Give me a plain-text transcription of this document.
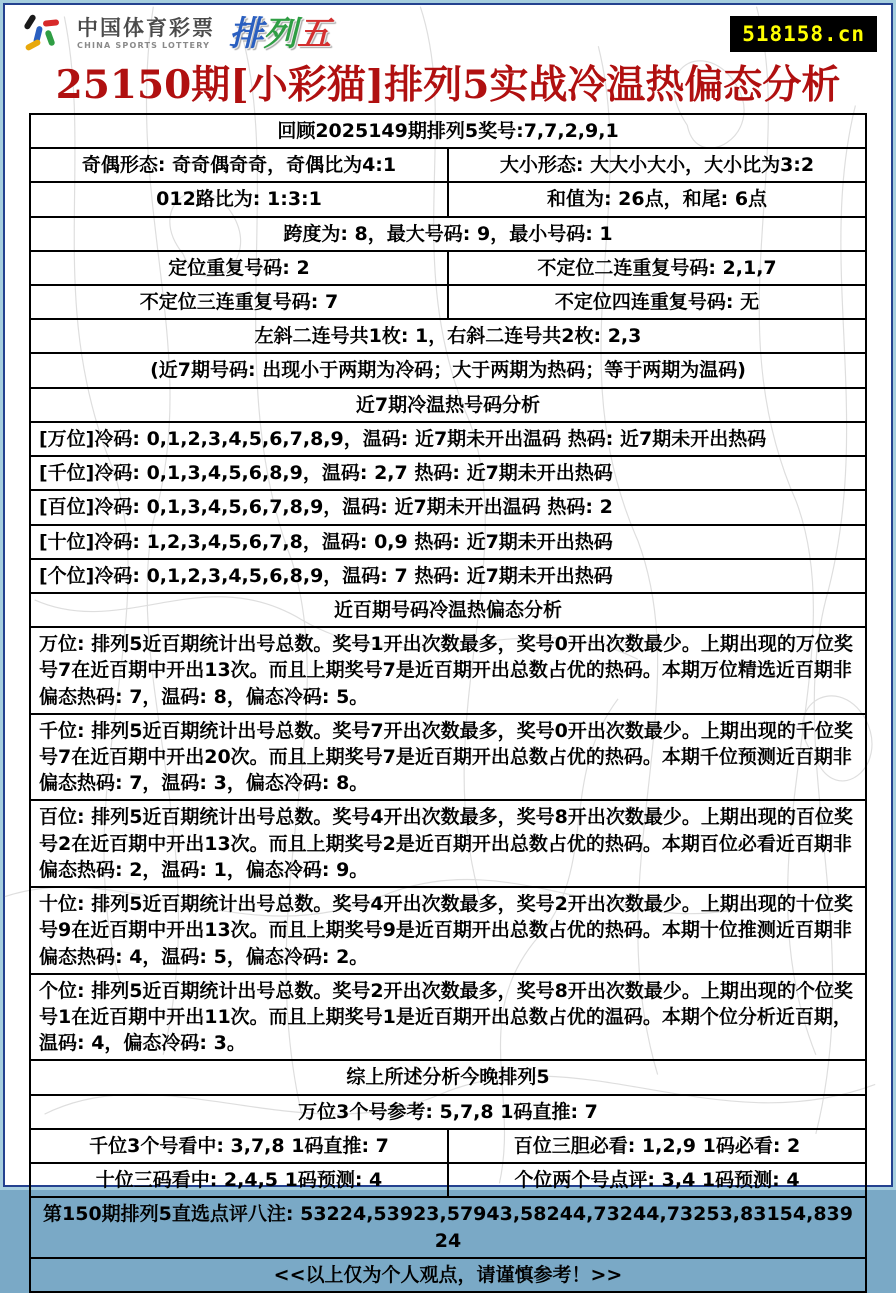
中国体育彩票
CHINA SPORTS LOTTERY 排列五	518158.cn
25150期[小彩猫]排列5实战冷温热偏态分析
回顾2025149期排列5奖号:7,7,2,9,1	
奇偶形态: 奇奇偶奇奇，奇偶比为4:1	大小形态: 大大小大小，大小比为3:2
012路比为: 1:3:1	和值为: 26点，和尾: 6点
跨度为: 8，最大号码: 9，最小号码: 1	
定位重复号码: 2	不定位二连重复号码: 2,1,7
不定位三连重复号码: 7	不定位四连重复号码: 无
左斜二连号共1枚: 1，右斜二连号共2枚: 2,3	
(近7期号码: 出现小于两期为冷码；大于两期为热码；等于两期为温码)	
近7期冷温热号码分析	
[万位]冷码: 0,1,2,3,4,5,6,7,8,9，温码: 近7期未开出温码 热码: 近7期未开出热码	
[千位]冷码: 0,1,3,4,5,6,8,9，温码: 2,7 热码: 近7期未开出热码	
[百位]冷码: 0,1,3,4,5,6,7,8,9，温码: 近7期未开出温码 热码: 2	
[十位]冷码: 1,2,3,4,5,6,7,8，温码: 0,9 热码: 近7期未开出热码	
[个位]冷码: 0,1,2,3,4,5,6,8,9，温码: 7 热码: 近7期未开出热码	
近百期号码冷温热偏态分析	
万位: 排列5近百期统计出号总数。奖号1开出次数最多，奖号0开出次数最少。上期出现的万位奖号7在近百期中开出13次。而且上期奖号7是近百期开出总数占优的热码。本期万位精选近百期非偏态热码: 7，温码: 8，偏态冷码: 5。	
千位: 排列5近百期统计出号总数。奖号7开出次数最多，奖号0开出次数最少。上期出现的千位奖号7在近百期中开出20次。而且上期奖号7是近百期开出总数占优的热码。本期千位预测近百期非偏态热码: 7，温码: 3，偏态冷码: 8。	
百位: 排列5近百期统计出号总数。奖号4开出次数最多，奖号8开出次数最少。上期出现的百位奖号2在近百期中开出13次。而且上期奖号2是近百期开出总数占优的热码。本期百位必看近百期非偏态热码: 2，温码: 1，偏态冷码: 9。	
十位: 排列5近百期统计出号总数。奖号4开出次数最多，奖号2开出次数最少。上期出现的十位奖号9在近百期中开出13次。而且上期奖号9是近百期开出总数占优的热码。本期十位推测近百期非偏态热码: 4，温码: 5，偏态冷码: 2。	
个位: 排列5近百期统计出号总数。奖号2开出次数最多，奖号8开出次数最少。上期出现的个位奖号1在近百期中开出11次。而且上期奖号1是近百期开出总数占优的温码。本期个位分析近百期，温码: 4，偏态冷码: 3。	
综上所述分析今晚排列5	
万位3个号参考: 5,7,8 1码直推: 7	
千位3个号看中: 3,7,8 1码直推: 7	百位三胆必看: 1,2,9 1码必看: 2
十位三码看中: 2,4,5 1码预测: 4	个位两个号点评: 3,4 1码预测: 4
第150期排列5直选点评八注: 53224,53923,57943,58244,73244,73253,83154,83924	
<<以上仅为个人观点，请谨慎参考！>>	
